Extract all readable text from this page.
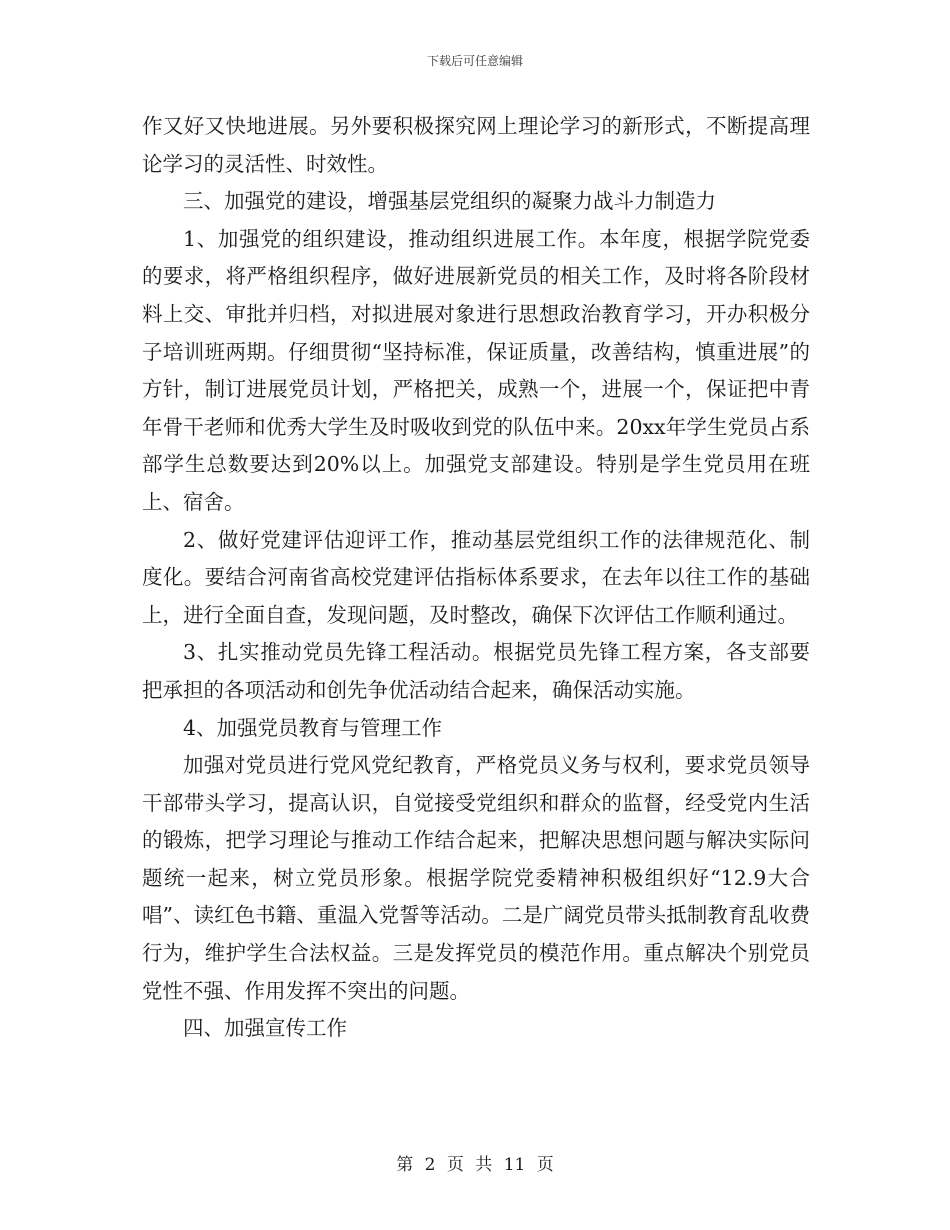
下载后可任意编辑

作又好又快地进展。另外要积极探究网上理论学习的新形式，不断提高理论学习的灵活性、时效性。

三、加强党的建设，增强基层党组织的凝聚力战斗力制造力

1、加强党的组织建设，推动组织进展工作。本年度，根据学院党委的要求，将严格组织程序，做好进展新党员的相关工作，及时将各阶段材料上交、审批并归档，对拟进展对象进行思想政治教育学习，开办积极分子培训班两期。仔细贯彻“坚持标准，保证质量，改善结构，慎重进展”的方针，制订进展党员计划，严格把关，成熟一个，进展一个，保证把中青年骨干老师和优秀大学生及时吸收到党的队伍中来。20xx年学生党员占系部学生总数要达到20%以上。加强党支部建设。特别是学生党员用在班上、宿舍。

2、做好党建评估迎评工作，推动基层党组织工作的法律规范化、制度化。要结合河南省高校党建评估指标体系要求，在去年以往工作的基础上，进行全面自查，发现问题，及时整改，确保下次评估工作顺利通过。

3、扎实推动党员先锋工程活动。根据党员先锋工程方案，各支部要把承担的各项活动和创先争优活动结合起来，确保活动实施。

4、加强党员教育与管理工作

加强对党员进行党风党纪教育，严格党员义务与权利，要求党员领导干部带头学习，提高认识，自觉接受党组织和群众的监督，经受党内生活的锻炼，把学习理论与推动工作结合起来，把解决思想问题与解决实际问题统一起来，树立党员形象。根据学院党委精神积极组织好“12.9大合唱”、读红色书籍、重温入党誓等活动。二是广阔党员带头抵制教育乱收费行为，维护学生合法权益。三是发挥党员的模范作用。重点解决个别党员党性不强、作用发挥不突出的问题。

四、加强宣传工作

第 2 页 共 11 页
